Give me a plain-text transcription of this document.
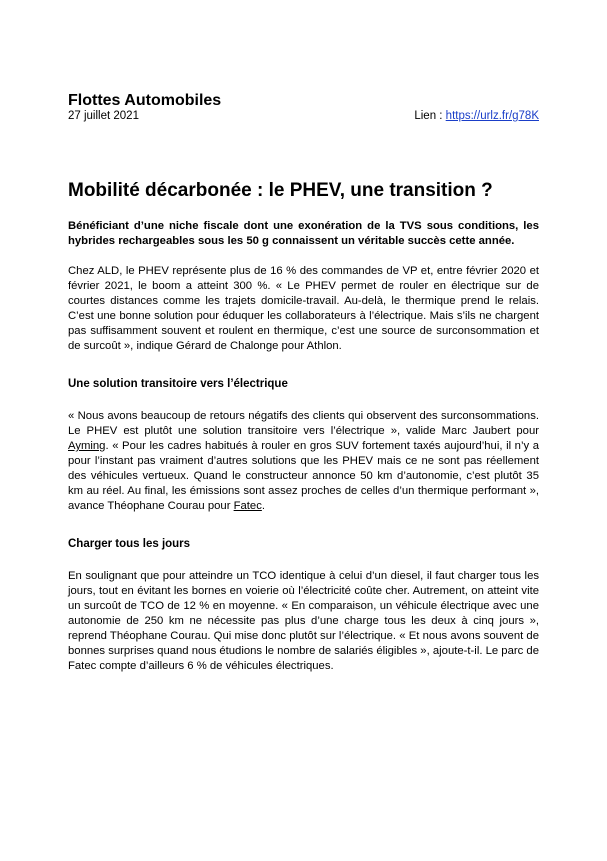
Flottes Automobiles
27 juillet 2021	Lien : https://urlz.fr/g78K
Mobilité décarbonée : le PHEV, une transition ?

Bénéficiant d’une niche fiscale dont une exonération de la TVS sous conditions, les hybrides rechargeables sous les 50 g connaissent un véritable succès cette année.

Chez ALD, le PHEV représente plus de 16 % des commandes de VP et, entre février 2020 et février 2021, le boom a atteint 300 %. « Le PHEV permet de rouler en électrique sur de courtes distances comme les trajets domicile-travail. Au-delà, le thermique prend le relais. C’est une bonne solution pour éduquer les collaborateurs à l’électrique. Mais s’ils ne chargent pas suffisamment souvent et roulent en thermique, c’est une source de surconsommation et de surcoût », indique Gérard de Chalonge pour Athlon.

Une solution transitoire vers l’électrique

« Nous avons beaucoup de retours négatifs des clients qui observent des surconsommations. Le PHEV est plutôt une solution transitoire vers l’électrique », valide Marc Jaubert pour Ayming. « Pour les cadres habitués à rouler en gros SUV fortement taxés aujourd’hui, il n’y a pour l’instant pas vraiment d’autres solutions que les PHEV mais ce ne sont pas réellement des véhicules vertueux. Quand le constructeur annonce 50 km d’autonomie, c’est plutôt 35 km au réel. Au final, les émissions sont assez proches de celles d’un thermique performant », avance Théophane Courau pour Fatec.

Charger tous les jours

En soulignant que pour atteindre un TCO identique à celui d’un diesel, il faut charger tous les jours, tout en évitant les bornes en voierie où l’électricité coûte cher. Autrement, on atteint vite un surcoût de TCO de 12 % en moyenne. « En comparaison, un véhicule électrique avec une autonomie de 250 km ne nécessite pas plus d’une charge tous les deux à cinq jours », reprend Théophane Courau. Qui mise donc plutôt sur l’électrique. « Et nous avons souvent de bonnes surprises quand nous étudions le nombre de salariés éligibles », ajoute-t-il. Le parc de Fatec compte d’ailleurs 6 % de véhicules électriques.
